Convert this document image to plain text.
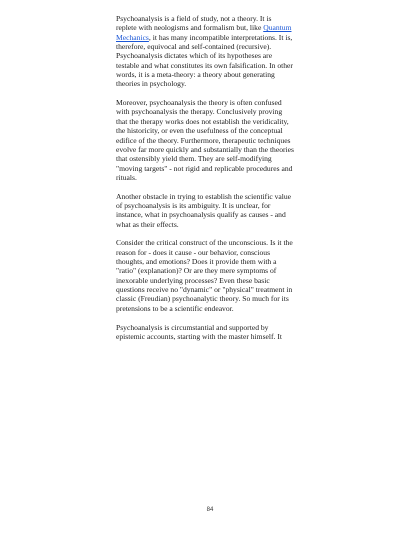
Psychoanalysis is a field of study, not a theory. It is
replete with neologisms and formalism but, like Quantum
Mechanics, it has many incompatible interpretations. It is,
therefore, equivocal and self-contained (recursive).
Psychoanalysis dictates which of its hypotheses are
testable and what constitutes its own falsification. In other
words, it is a meta-theory: a theory about generating
theories in psychology.
Moreover, psychoanalysis the theory is often confused
with psychoanalysis the therapy. Conclusively proving
that the therapy works does not establish the veridicality,
the historicity, or even the usefulness of the conceptual
edifice of the theory. Furthermore, therapeutic techniques
evolve far more quickly and substantially than the theories
that ostensibly yield them. They are self-modifying
"moving targets" - not rigid and replicable procedures and
rituals.
Another obstacle in trying to establish the scientific value
of psychoanalysis is its ambiguity. It is unclear, for
instance, what in psychoanalysis qualify as causes - and
what as their effects.
Consider the critical construct of the unconscious. Is it the
reason for - does it cause - our behavior, conscious
thoughts, and emotions? Does it provide them with a
"ratio" (explanation)? Or are they mere symptoms of
inexorable underlying processes? Even these basic
questions receive no "dynamic" or "physical" treatment in
classic (Freudian) psychoanalytic theory. So much for its
pretensions to be a scientific endeavor.
Psychoanalysis is circumstantial and supported by
epistemic accounts, starting with the master himself. It
84
